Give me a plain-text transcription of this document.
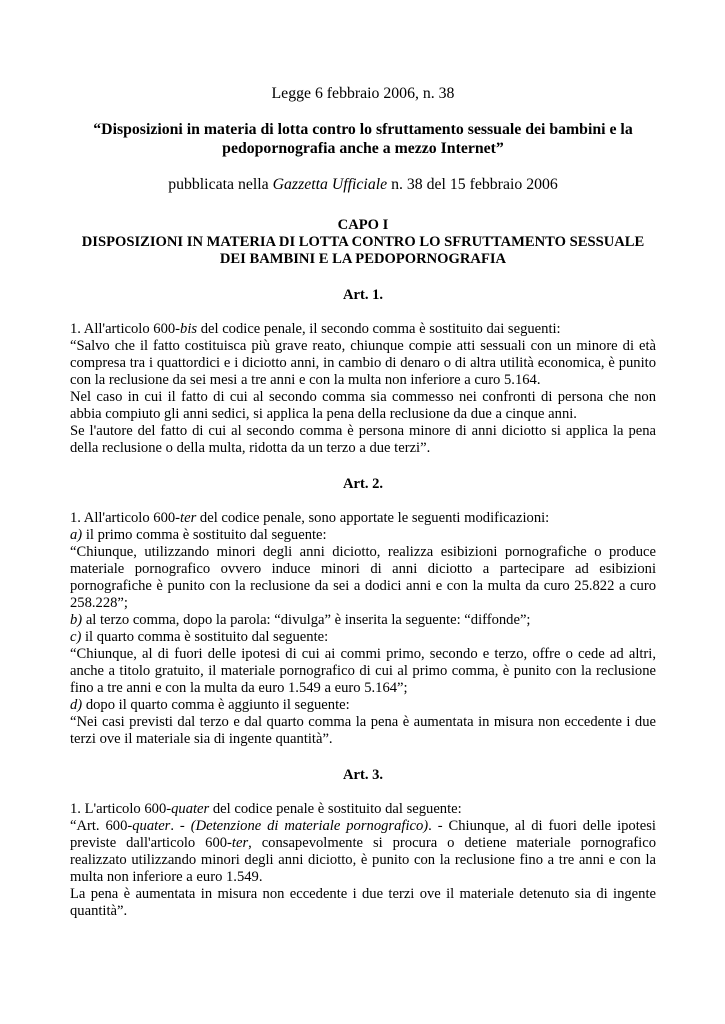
Legge 6 febbraio 2006, n. 38
“Disposizioni in materia di lotta contro lo sfruttamento sessuale dei bambini e la pedopornografia anche a mezzo Internet”
pubblicata nella Gazzetta Ufficiale n. 38 del 15 febbraio 2006
CAPO I
DISPOSIZIONI IN MATERIA DI LOTTA CONTRO LO SFRUTTAMENTO SESSUALE DEI BAMBINI E LA PEDOPORNOGRAFIA
Art. 1.

1. All'articolo 600-bis del codice penale, il secondo comma è sostituito dai seguenti:

“Salvo che il fatto costituisca più grave reato, chiunque compie atti sessuali con un minore di età compresa tra i quattordici e i diciotto anni, in cambio di denaro o di altra utilità economica, è punito con la reclusione da sei mesi a tre anni e con la multa non inferiore a curo 5.164.

Nel caso in cui il fatto di cui al secondo comma sia commesso nei confronti di persona che non abbia compiuto gli anni sedici, si applica la pena della reclusione da due a cinque anni.

Se l'autore del fatto di cui al secondo comma è persona minore di anni diciotto si applica la pena della reclusione o della multa, ridotta da un terzo a due terzi”.

Art. 2.

1. All'articolo 600-ter del codice penale, sono apportate le seguenti modificazioni:

a) il primo comma è sostituito dal seguente:

“Chiunque, utilizzando minori degli anni diciotto, realizza esibizioni pornografiche o produce materiale pornografico ovvero induce minori di anni diciotto a partecipare ad esibizioni pornografiche è punito con la reclusione da sei a dodici anni e con la multa da curo 25.822 a curo 258.228”;

b) al terzo comma, dopo la parola: “divulga” è inserita la seguente: “diffonde”;

c) il quarto comma è sostituito dal seguente:

“Chiunque, al di fuori delle ipotesi di cui ai commi primo, secondo e terzo, offre o cede ad altri, anche a titolo gratuito, il materiale pornografico di cui al primo comma, è punito con la reclusione fino a tre anni e con la multa da euro 1.549 a euro 5.164”;

d) dopo il quarto comma è aggiunto il seguente:

“Nei casi previsti dal terzo e dal quarto comma la pena è aumentata in misura non eccedente i due terzi ove il materiale sia di ingente quantità”.

Art. 3.

1. L'articolo 600-quater del codice penale è sostituito dal seguente:

“Art. 600-quater. - (Detenzione di materiale pornografico). - Chiunque, al di fuori delle ipotesi previste dall'articolo 600-ter, consapevolmente si procura o detiene materiale pornografico realizzato utilizzando minori degli anni diciotto, è punito con la reclusione fino a tre anni e con la multa non inferiore a euro 1.549.

La pena è aumentata in misura non eccedente i due terzi ove il materiale detenuto sia di ingente quantità”.
